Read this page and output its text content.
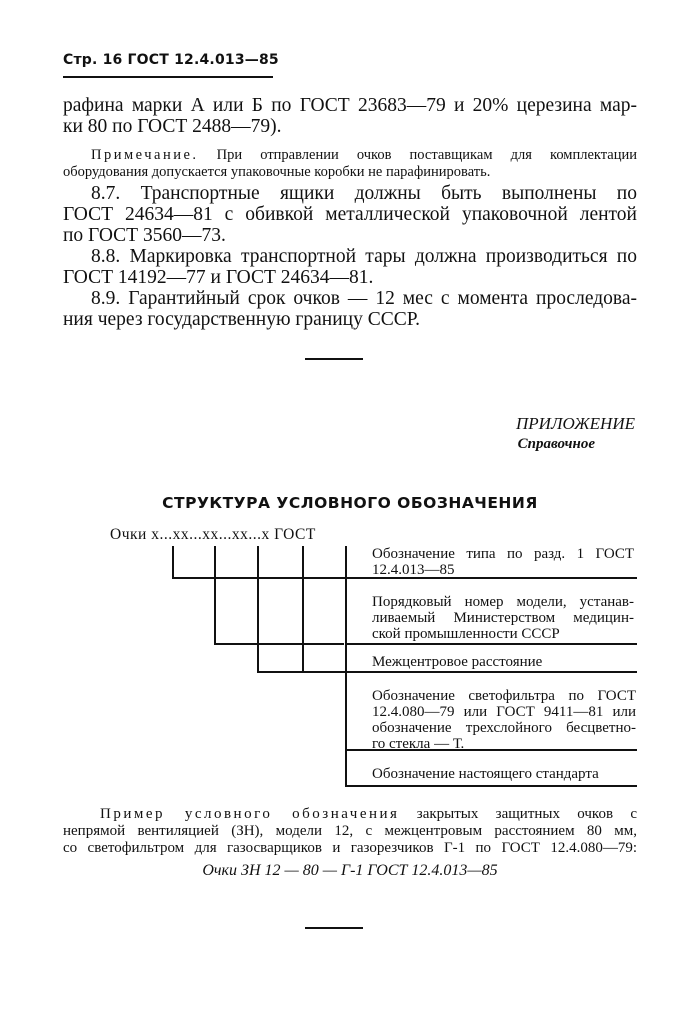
Стр. 16 ГОСТ 12.4.013—85
рафина марки А или Б по ГОСТ 23683—79 и 20% церезина мар-
ки 80 по ГОСТ 2488—79).
Примечание. При отправлении очков поставщикам для комплектации
оборудования допускается упаковочные коробки не парафинировать.
8.7. Транспортные ящики должны быть выполнены по
ГОСТ 24634—81 с обивкой металлической упаковочной лентой
по ГОСТ 3560—73.
8.8. Маркировка транспортной тары должна производиться по
ГОСТ 14192—77 и ГОСТ 24634—81.
8.9. Гарантийный срок очков — 12 мес с момента проследова-
ния через государственную границу СССР.
ПРИЛОЖЕНИЕ
Справочное
СТРУКТУРА УСЛОВНОГО ОБОЗНАЧЕНИЯ
Очки х...хх...хх...хх...х ГОСТ
Обозначение типа по разд. 1 ГОСТ
12.4.013—85
Порядковый номер модели, устанав-
ливаемый Министерством медицин-
ской промышленности СССР
Межцентровое расстояние
Обозначение светофильтра по ГОСТ
12.4.080—79 или ГОСТ 9411—81 или
обозначение трехслойного бесцветно-
го стекла — Т.
Обозначение настоящего стандарта
Пример условного обозначения закрытых защитных очков с
непрямой вентиляцией (ЗН), модели 12, с межцентровым расстоянием 80 мм,
со светофильтром для газосварщиков и газорезчиков Г-1 по ГОСТ 12.4.080—79:
Очки ЗН 12 — 80 — Г-1 ГОСТ 12.4.013—85
